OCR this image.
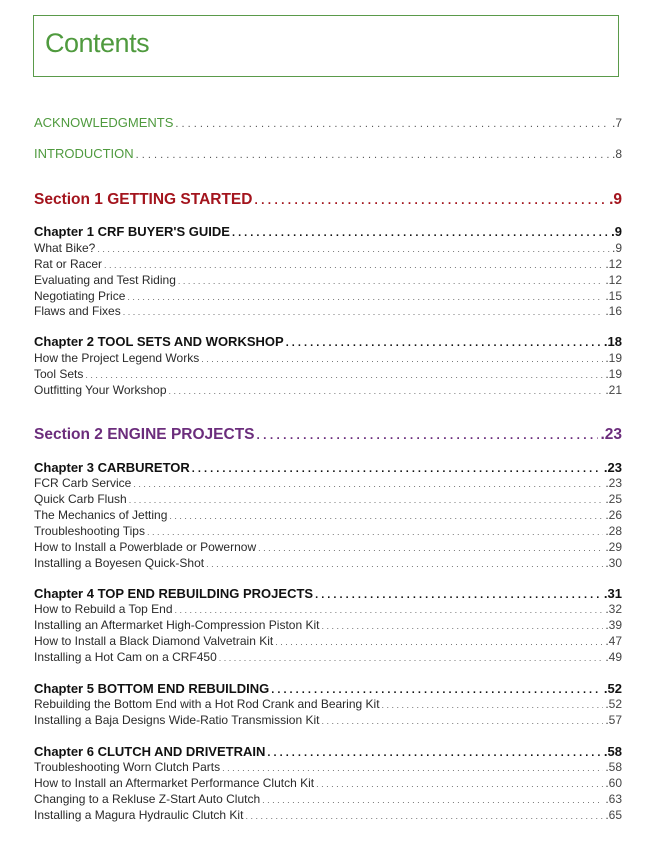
Contents
ACKNOWLEDGMENTS . . .	.7
INTRODUCTION . . .	.8
Section 1 GETTING STARTED . . .	.9
Chapter 1 CRF BUYER'S GUIDE . . .	.9
What Bike? . . .	.9
Rat or Racer . . .	.12
Evaluating and Test Riding . . .	.12
Negotiating Price . . .	.15
Flaws and Fixes . . .	.16
Chapter 2 TOOL SETS AND WORKSHOP . . .	.18
How the Project Legend Works . . .	.19
Tool Sets . . .	.19
Outfitting Your Workshop . . .	.21
Section 2 ENGINE PROJECTS . . .	.23
Chapter 3 CARBURETOR . . .	.23
FCR Carb Service . . .	.23
Quick Carb Flush . . .	.25
The Mechanics of Jetting . . .	.26
Troubleshooting Tips . . .	.28
How to Install a Powerblade or Powernow . . .	.29
Installing a Boyesen Quick-Shot . . .	.30
Chapter 4 TOP END REBUILDING PROJECTS . . .	.31
How to Rebuild a Top End . . .	.32
Installing an Aftermarket High-Compression Piston Kit . . .	.39
How to Install a Black Diamond Valvetrain Kit . . .	.47
Installing a Hot Cam on a CRF450 . . .	.49
Chapter 5 BOTTOM END REBUILDING . . .	.52
Rebuilding the Bottom End with a Hot Rod Crank and Bearing Kit . . .	.52
Installing a Baja Designs Wide-Ratio Transmission Kit . . .	.57
Chapter 6 CLUTCH AND DRIVETRAIN . . .	.58
Troubleshooting Worn Clutch Parts . . .	.58
How to Install an Aftermarket Performance Clutch Kit . . .	.60
Changing to a Rekluse Z-Start Auto Clutch . . .	.63
Installing a Magura Hydraulic Clutch Kit . . .	.65
